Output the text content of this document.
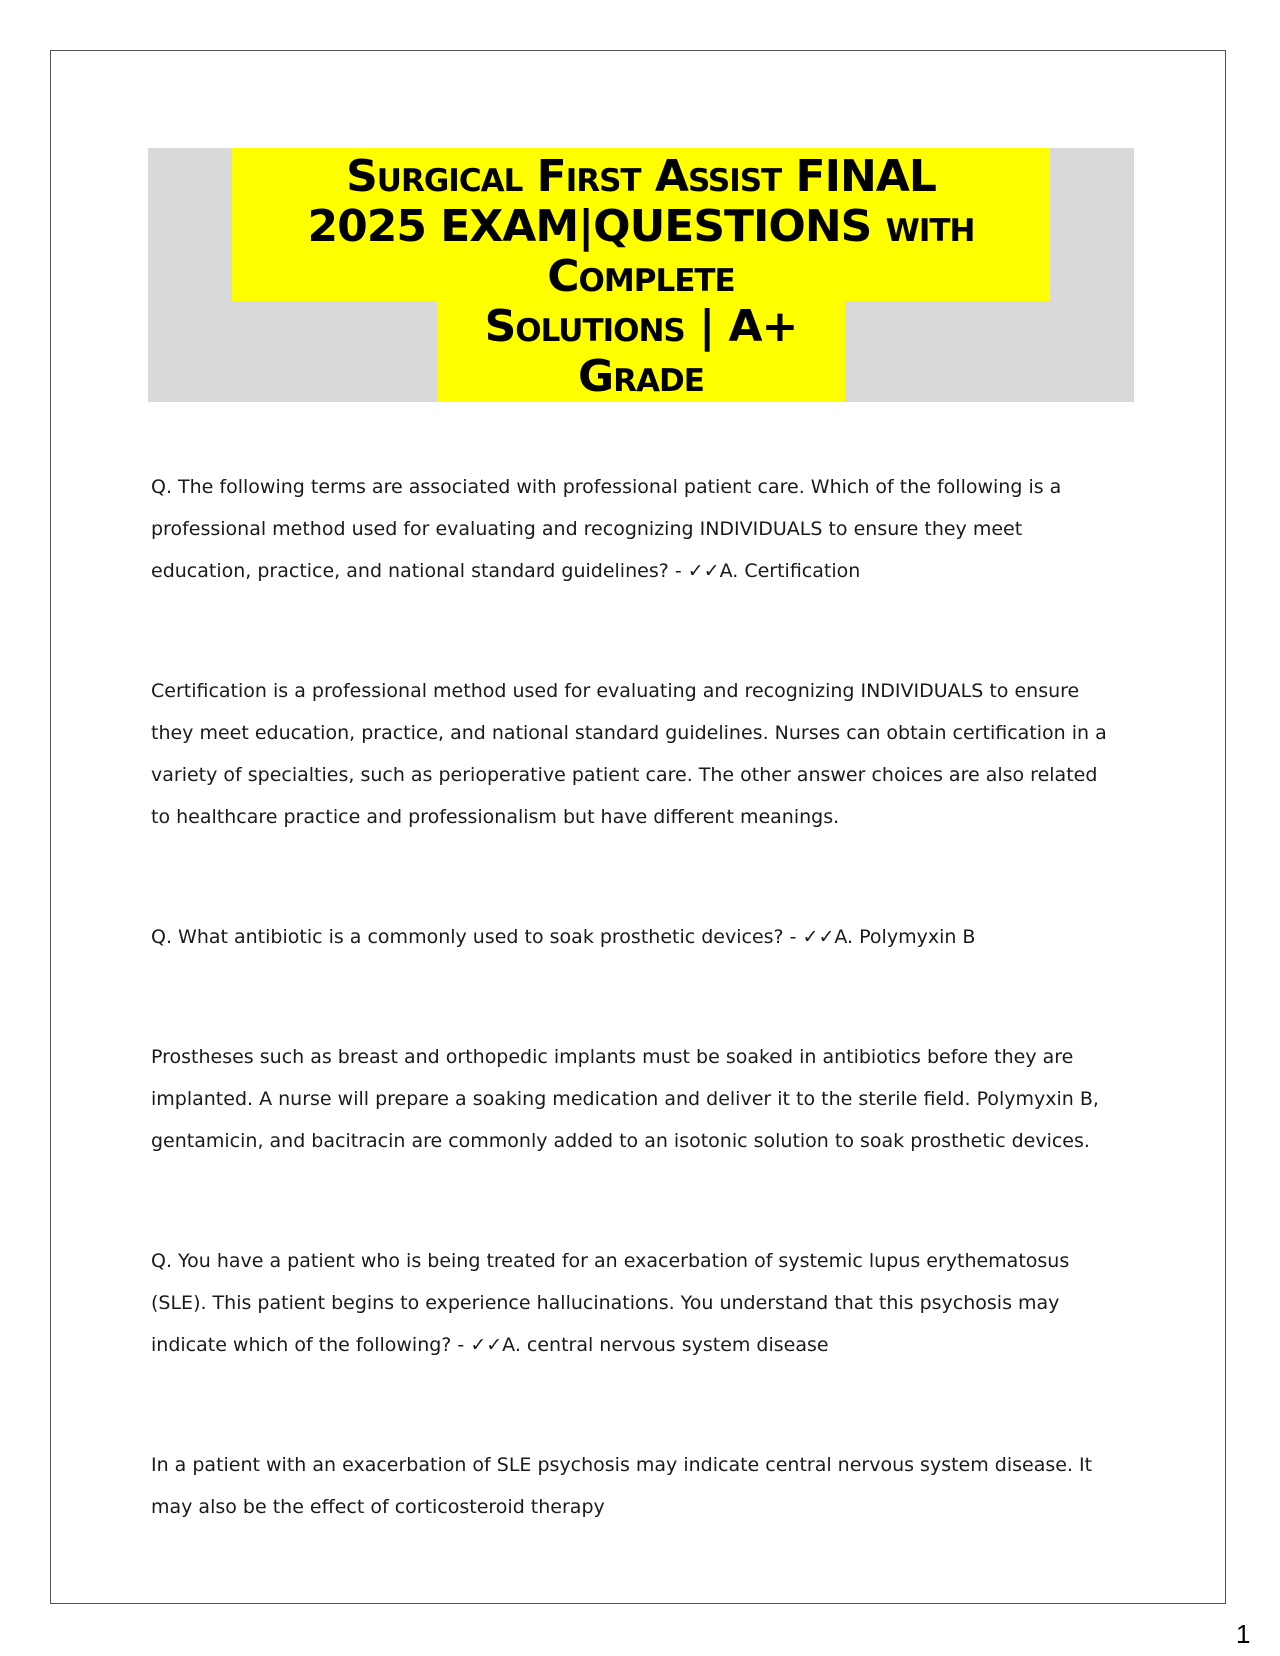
Surgical First Assist FINAL
2025 EXAM|QUESTIONS with
Complete
Solutions | A+
Grade

Q. The following terms are associated with professional patient care. Which of the following is a professional method used for evaluating and recognizing INDIVIDUALS to ensure they meet education, practice, and national standard guidelines? - ✓✓A. Certification

Certification is a professional method used for evaluating and recognizing INDIVIDUALS to ensure they meet education, practice, and national standard guidelines. Nurses can obtain certification in a variety of specialties, such as perioperative patient care. The other answer choices are also related to healthcare practice and professionalism but have different meanings.

Q. What antibiotic is a commonly used to soak prosthetic devices? - ✓✓A. Polymyxin B

Prostheses such as breast and orthopedic implants must be soaked in antibiotics before they are implanted. A nurse will prepare a soaking medication and deliver it to the sterile field. Polymyxin B, gentamicin, and bacitracin are commonly added to an isotonic solution to soak prosthetic devices.

Q. You have a patient who is being treated for an exacerbation of systemic lupus erythematosus (SLE). This patient begins to experience hallucinations. You understand that this psychosis may indicate which of the following? - ✓✓A. central nervous system disease

In a patient with an exacerbation of SLE psychosis may indicate central nervous system disease. It may also be the effect of corticosteroid therapy

1
